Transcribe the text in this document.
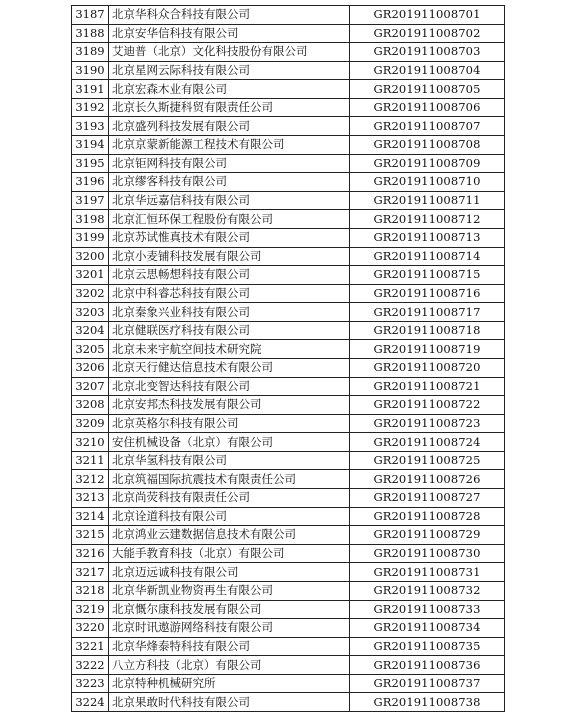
3187	北京华科众合科技有限公司	GR201911008701
3188	北京安华信科技有限公司	GR201911008702
3189	艾迪普（北京）文化科技股份有限公司	GR201911008703
3190	北京星网云际科技有限公司	GR201911008704
3191	北京宏森木业有限公司	GR201911008705
3192	北京长久斯捷科贸有限责任公司	GR201911008706
3193	北京盛列科技发展有限公司	GR201911008707
3194	北京京蒙新能源工程技术有限公司	GR201911008708
3195	北京钜网科技有限公司	GR201911008709
3196	北京缪客科技有限公司	GR201911008710
3197	北京华远嘉信科技有限公司	GR201911008711
3198	北京汇恒环保工程股份有限公司	GR201911008712
3199	北京苏试惟真技术有限公司	GR201911008713
3200	北京小麦铺科技发展有限公司	GR201911008714
3201	北京云思畅想科技有限公司	GR201911008715
3202	北京中科睿芯科技有限公司	GR201911008716
3203	北京秦象兴业科技有限公司	GR201911008717
3204	北京健联医疗科技有限公司	GR201911008718
3205	北京未来宇航空间技术研究院	GR201911008719
3206	北京天行健达信息技术有限公司	GR201911008720
3207	北京北变智达科技有限公司	GR201911008721
3208	北京安邦杰科技发展有限公司	GR201911008722
3209	北京英格尔科技有限公司	GR201911008723
3210	安住机械设备（北京）有限公司	GR201911008724
3211	北京华氢科技有限公司	GR201911008725
3212	北京筑福国际抗震技术有限责任公司	GR201911008726
3213	北京尚荧科技有限责任公司	GR201911008727
3214	北京诠道科技有限公司	GR201911008728
3215	北京鸿业云建数据信息技术有限公司	GR201911008729
3216	大能手教育科技（北京）有限公司	GR201911008730
3217	北京迈远诚科技有限公司	GR201911008731
3218	北京华新凯业物资再生有限公司	GR201911008732
3219	北京慨尔康科技发展有限公司	GR201911008733
3220	北京时讯遨游网络科技有限公司	GR201911008734
3221	北京华烽泰特科技有限公司	GR201911008735
3222	八立方科技（北京）有限公司	GR201911008736
3223	北京特种机械研究所	GR201911008737
3224	北京果敢时代科技有限公司	GR201911008738
